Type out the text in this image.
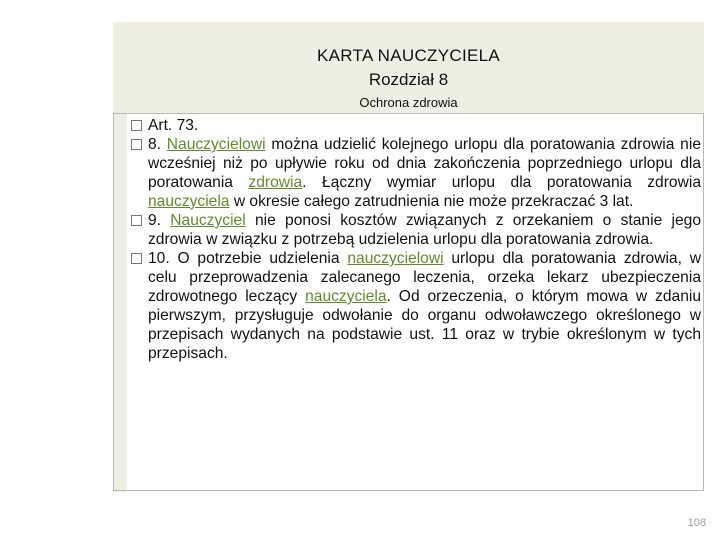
KARTA NAUCZYCIELA
Rozdział 8
Ochrona zdrowia

Art. 73.

8. Nauczycielowi można udzielić kolejnego urlopu dla poratowania zdrowia nie wcześniej niż po upływie roku od dnia zakończenia poprzedniego urlopu dla poratowania zdrowia. Łączny wymiar urlopu dla poratowania zdrowia nauczyciela w okresie całego zatrudnienia nie może przekraczać 3 lat.

9. Nauczyciel nie ponosi kosztów związanych z orzekaniem o stanie jego zdrowia w związku z potrzebą udzielenia urlopu dla poratowania zdrowia.

10. O potrzebie udzielenia nauczycielowi urlopu dla poratowania zdrowia, w celu przeprowadzenia zalecanego leczenia, orzeka lekarz ubezpieczenia zdrowotnego leczący nauczyciela. Od orzeczenia, o którym mowa w zdaniu pierwszym, przysługuje odwołanie do organu odwoławczego określonego w przepisach wydanych na podstawie ust. 11 oraz w trybie określonym w tych przepisach.

108
